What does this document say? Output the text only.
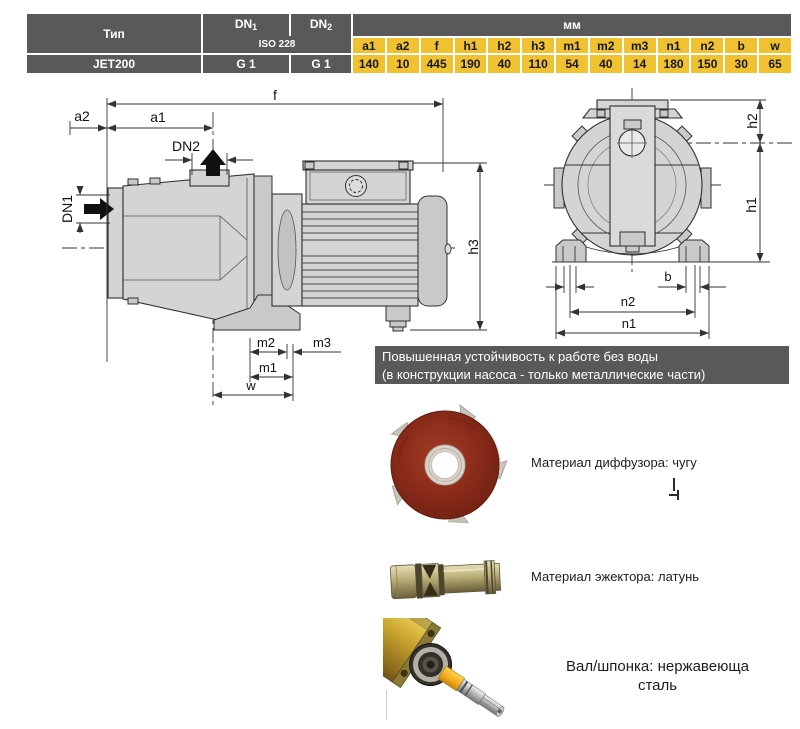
Тип
$DN_1$	$DN_2$
ISO 228
мм
a1	a2	f	h1	h2	h3	m1	m2	m3	n1	n2	b	w
JET200	G 1	G 1	140	10	445	190	40	110	54	40	14	180	150	30	65
f
a1
a2
DN2
DN1
h3
m2	m3
m1
w
h2
h1
b
n2
n1
Повышенная устойчивость к работе без воды
(в конструкции насоса - только металлические части)
Материал диффузора: чугу
Материал эжектора: латунь
Вал/шпонка: нержавеюща
сталь
